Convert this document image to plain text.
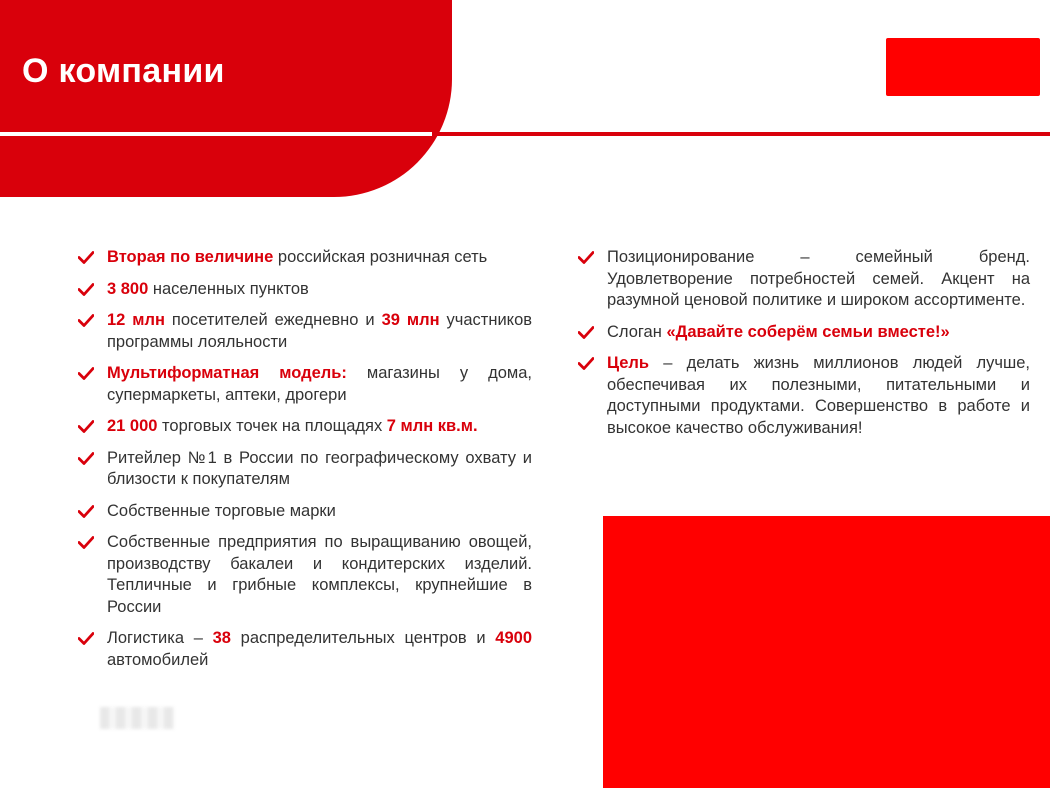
О компании
Вторая по величине российская розничная сеть
3 800 населенных пунктов
12 млн посетителей ежедневно и 39 млн участников программы лояльности
Мультиформатная модель: магазины у дома, супермаркеты, аптеки, дрогери
21 000 торговых точек на площадях 7 млн кв.м.
Ритейлер №1 в России по географическому охвату и близости к покупателям
Собственные торговые марки
Собственные предприятия по выращиванию овощей, производству бакалеи и кондитерских изделий. Тепличные и грибные комплексы, крупнейшие в России
Логистика – 38 распределительных центров и 4900 автомобилей
Позиционирование – семейный бренд. Удовлетворение потребностей семей. Акцент на разумной ценовой политике и широком ассортименте.
Слоган «Давайте соберём семьи вместе!»
Цель – делать жизнь миллионов людей лучше, обеспечивая их полезными, питательными и доступными продуктами. Совершенство в работе и высокое качество обслуживания!
